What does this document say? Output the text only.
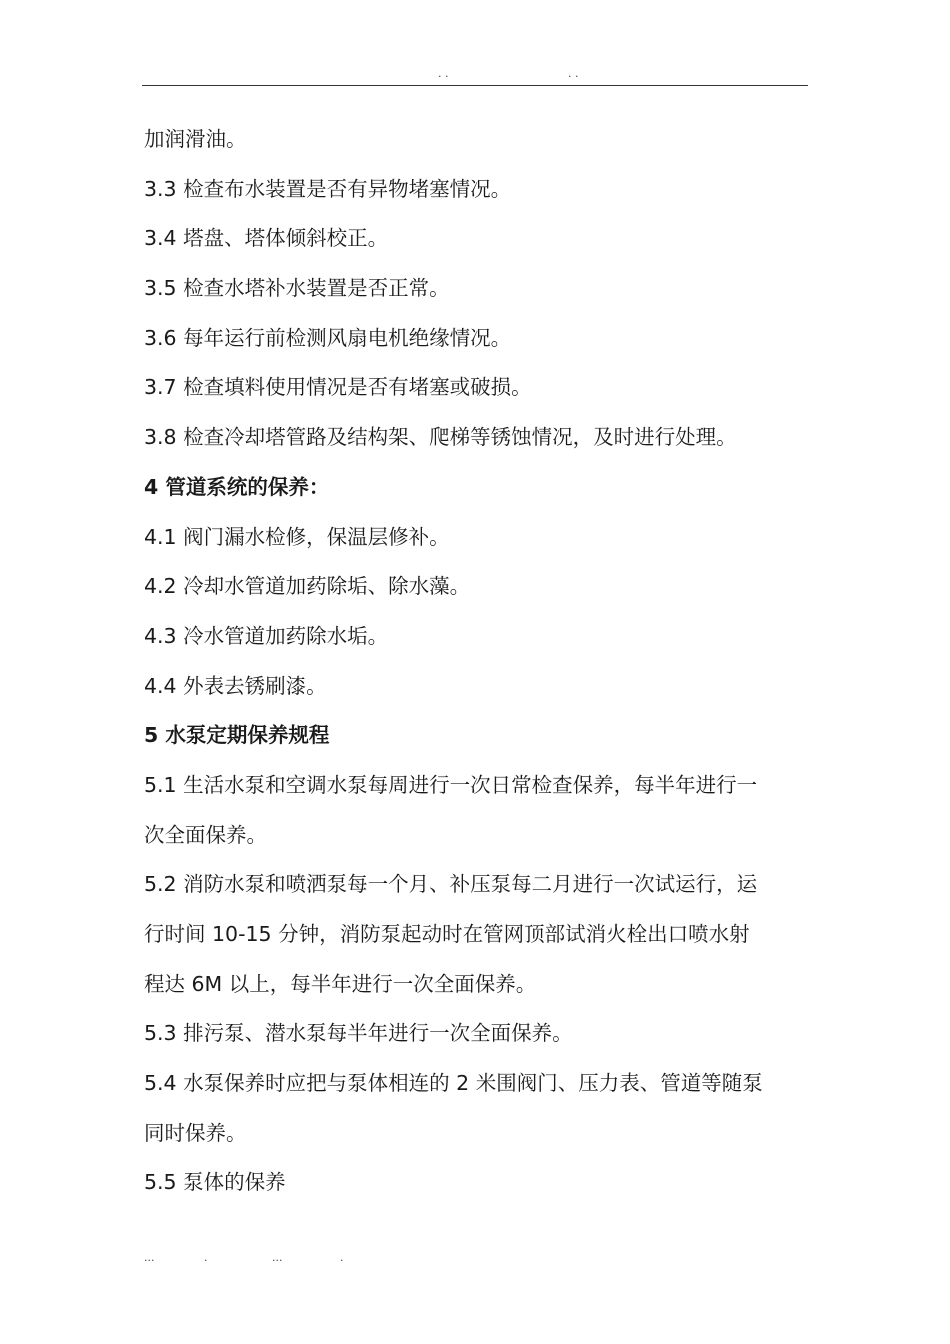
. .	. .
加润滑油。
3.3 检查布水装置是否有异物堵塞情况。
3.4 塔盘、塔体倾斜校正。
3.5 检查水塔补水装置是否正常。
3.6 每年运行前检测风扇电机绝缘情况。
3.7 检查填料使用情况是否有堵塞或破损。
3.8 检查冷却塔管路及结构架、爬梯等锈蚀情况，及时进行处理。
4 管道系统的保养：
4.1 阀门漏水检修，保温层修补。
4.2 冷却水管道加药除垢、除水藻。
4.3 冷水管道加药除水垢。
4.4 外表去锈刷漆。
5 水泵定期保养规程
5.1 生活水泵和空调水泵每周进行一次日常检查保养，每半年进行一
次全面保养。
5.2 消防水泵和喷洒泵每一个月、补压泵每二月进行一次试运行，运
行时间 10-15 分钟，消防泵起动时在管网顶部试消火栓出口喷水射
程达 6M 以上，每半年进行一次全面保养。
5.3 排污泵、潜水泵每半年进行一次全面保养。
5.4 水泵保养时应把与泵体相连的 2 米围阀门、压力表、管道等随泵
同时保养。
5.5 泵体的保养
...	.	...	.
